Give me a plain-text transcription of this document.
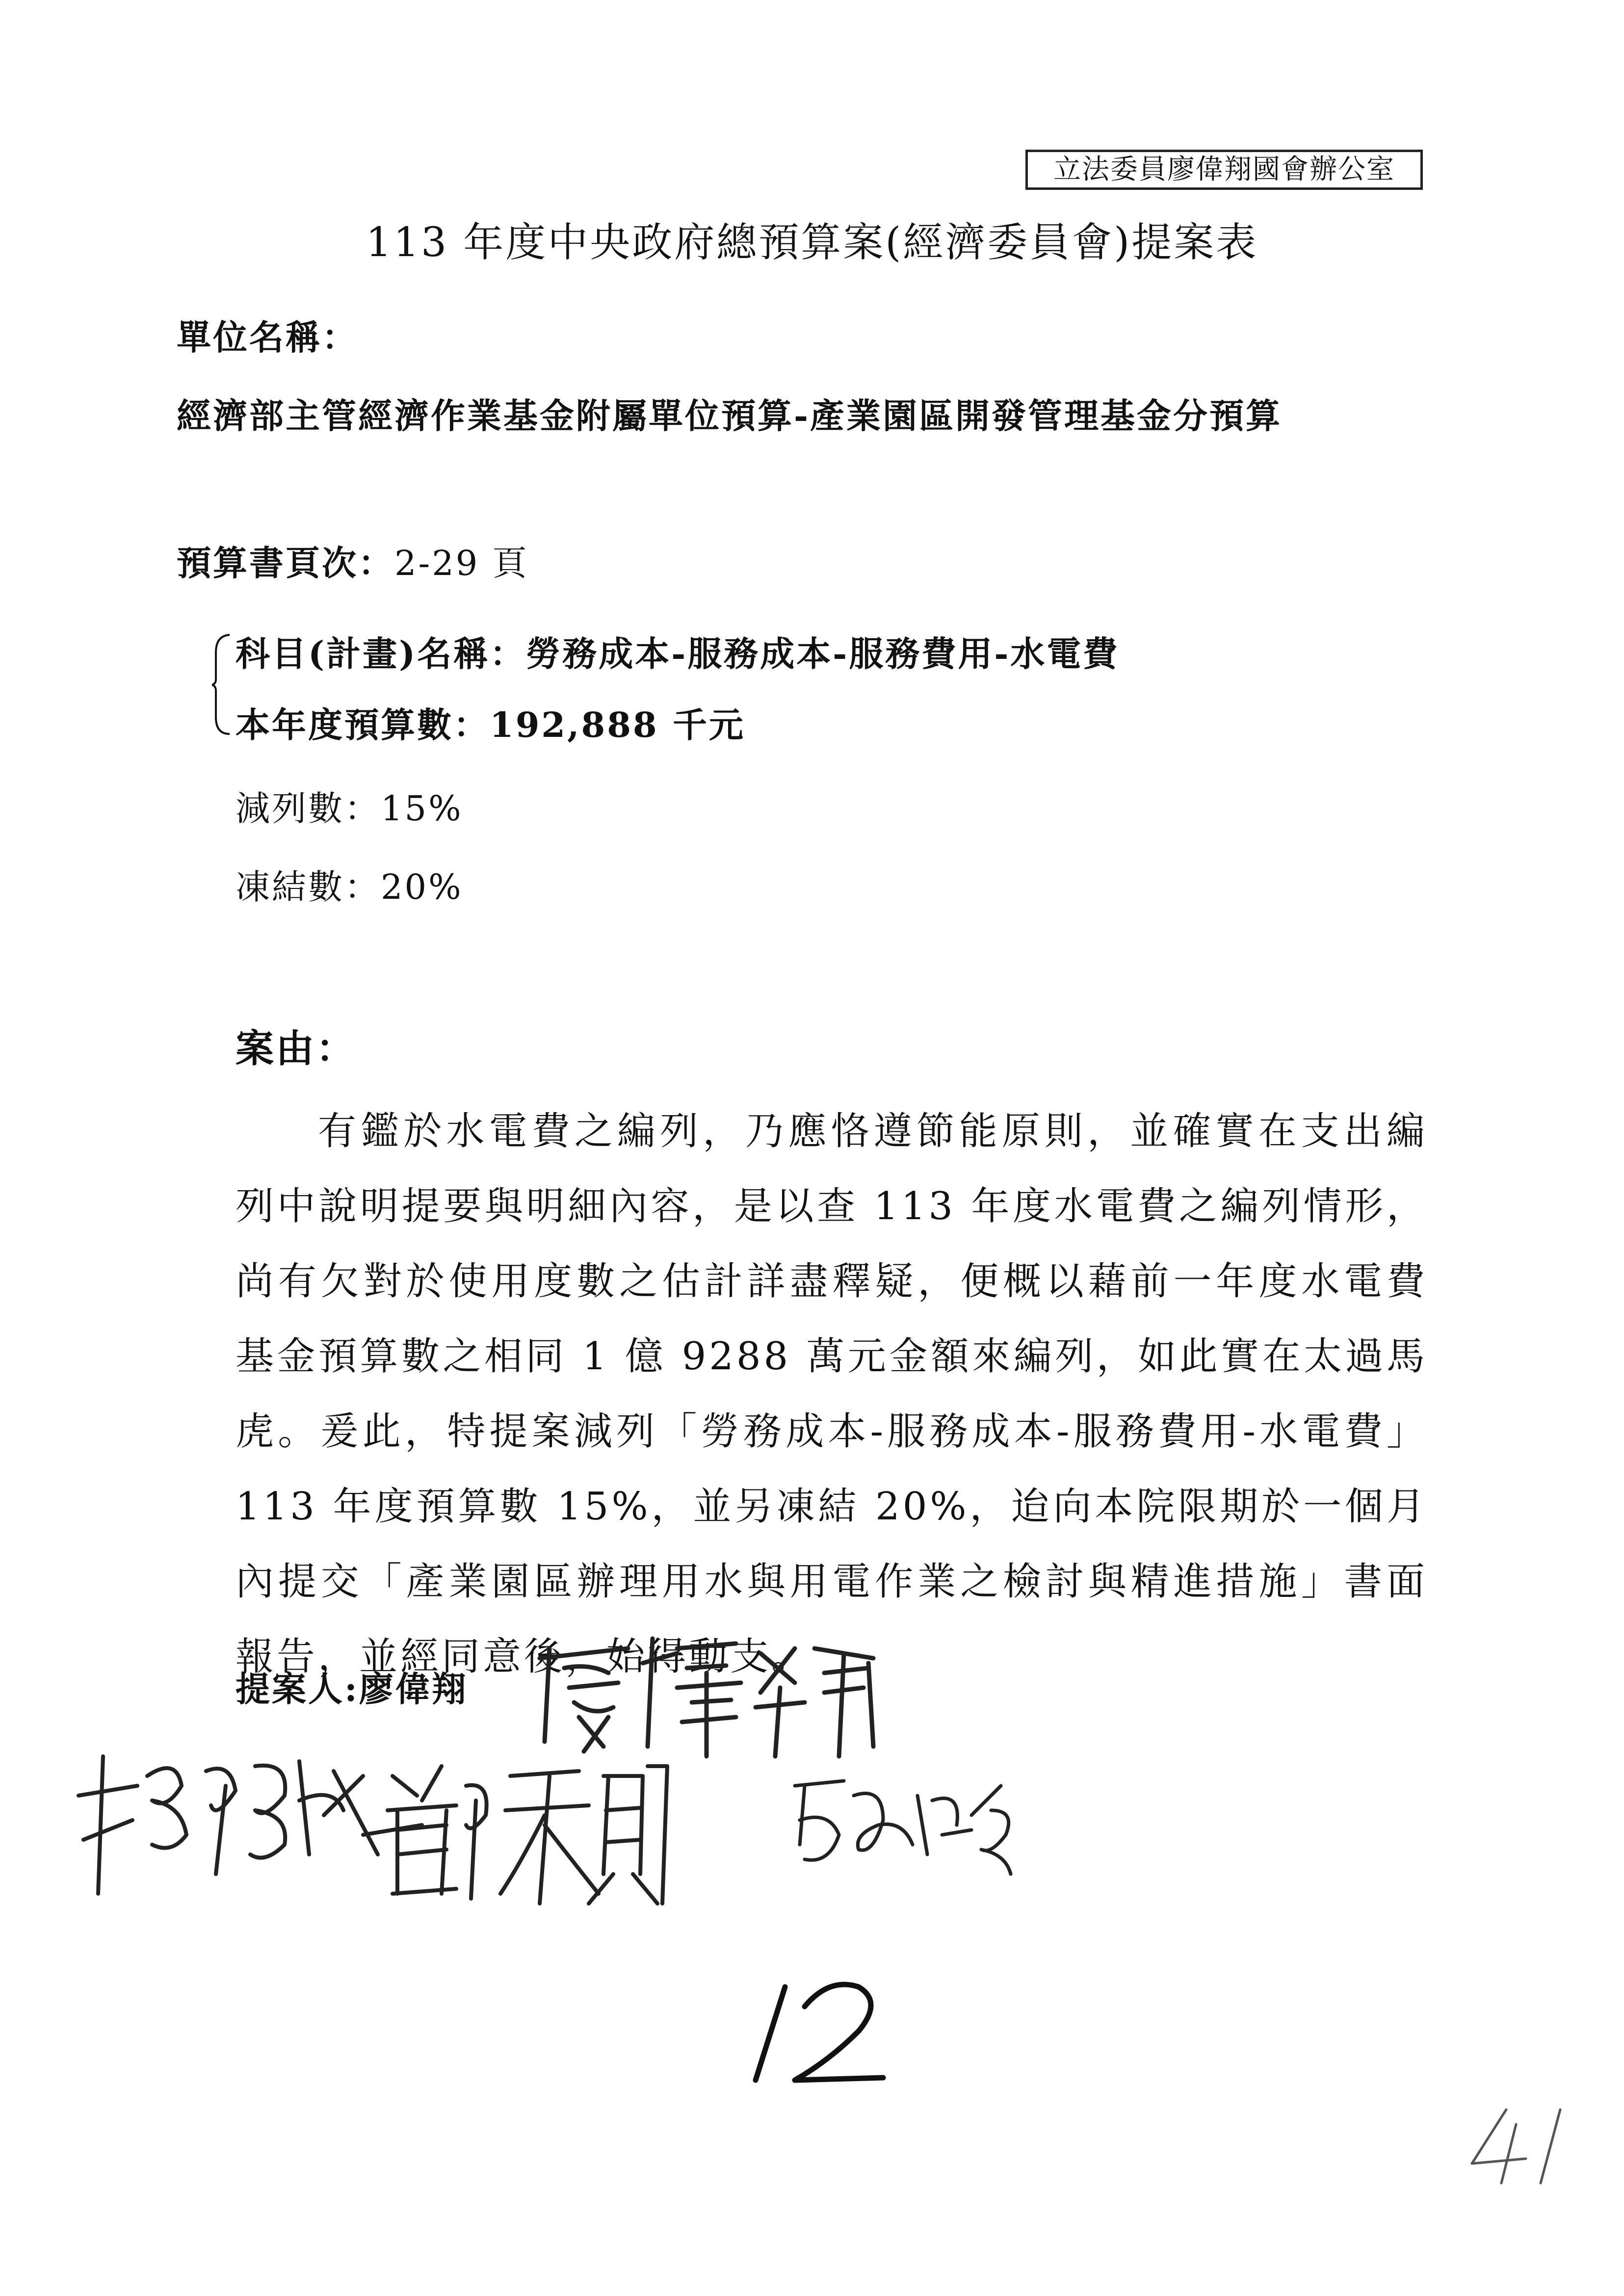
立法委員廖偉翔國會辦公室
113 年度中央政府總預算案(經濟委員會)提案表
單位名稱：
經濟部主管經濟作業基金附屬單位預算-產業園區開發管理基金分預算
預算書頁次：2-29 頁
科目(計畫)名稱：勞務成本-服務成本-服務費用-水電費
本年度預算數：192,888 千元
減列數：15%
凍結數：20%
案由：
有鑑於水電費之編列，乃應恪遵節能原則，並確實在支出編列中說明提要與明細內容，是以查 113 年度水電費之編列情形，尚有欠對於使用度數之估計詳盡釋疑，便概以藉前一年度水電費基金預算數之相同 1 億 9288 萬元金額來編列，如此實在太過馬虎。爰此，特提案減列「勞務成本-服務成本-服務費用-水電費」113 年度預算數 15%，並另凍結 20%，迨向本院限期於一個月內提交「產業園區辦理用水與用電作業之檢討與精進措施」書面報告，並經同意後，始得動支。
提案人:廖偉翔
12
41
